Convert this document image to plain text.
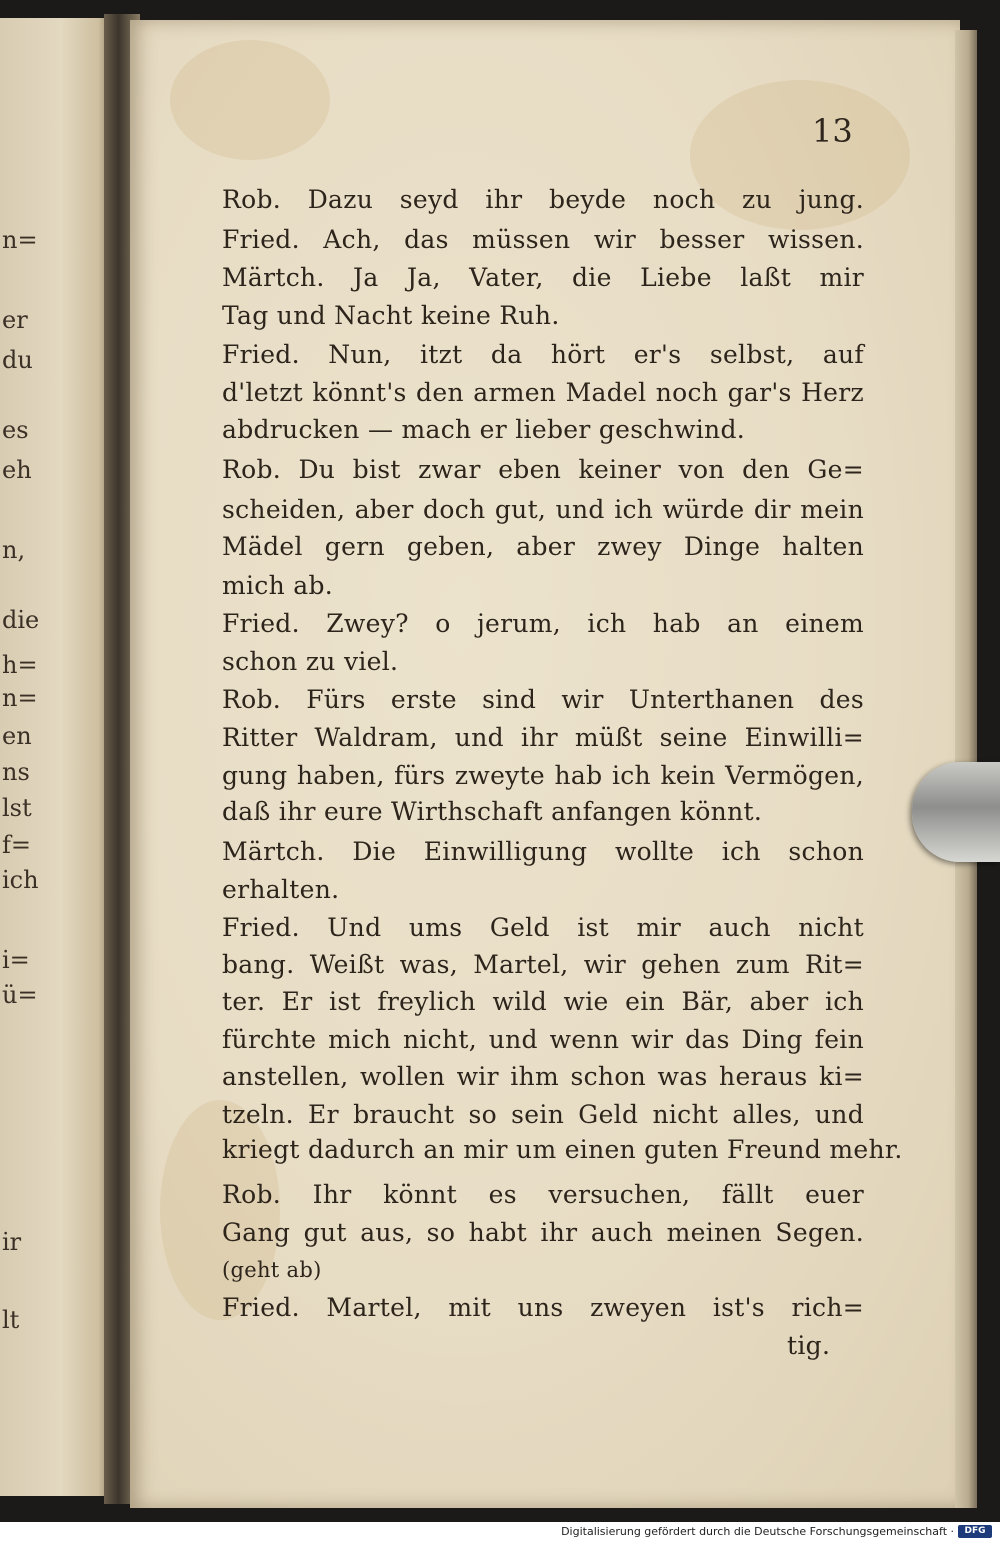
n=
er
du
es
eh
n,
die
h=
n=
en
ns
lst
f=
ich
i=
ü=
ir
lt
13
Rob. Dazu seyd ihr beyde noch zu jung.
Fried. Ach, das müssen wir besser wissen.
Märtch. Ja Ja, Vater, die Liebe laßt mir
Tag und Nacht keine Ruh.
Fried. Nun, itzt da hört er's selbst, auf
d'letzt könnt's den armen Madel noch gar's Herz
abdrucken — mach er lieber geschwind.
Rob. Du bist zwar eben keiner von den Ge=
scheiden, aber doch gut, und ich würde dir mein
Mädel gern geben, aber zwey Dinge halten
mich ab.
Fried. Zwey? o jerum, ich hab an einem
schon zu viel.
Rob. Fürs erste sind wir Unterthanen des
Ritter Waldram, und ihr müßt seine Einwilli=
gung haben, fürs zweyte hab ich kein Vermögen,
daß ihr eure Wirthschaft anfangen könnt.
Märtch. Die Einwilligung wollte ich schon
erhalten.
Fried. Und ums Geld ist mir auch nicht
bang. Weißt was, Martel, wir gehen zum Rit=
ter. Er ist freylich wild wie ein Bär, aber ich
fürchte mich nicht, und wenn wir das Ding fein
anstellen, wollen wir ihm schon was heraus ki=
tzeln. Er braucht so sein Geld nicht alles, und
kriegt dadurch an mir um einen guten Freund mehr.
Rob. Ihr könnt es versuchen, fällt euer
Gang gut aus, so habt ihr auch meinen Segen.
(geht ab)
Fried. Martel, mit uns zweyen ist's rich=
tig.
Digitalisierung gefördert durch die Deutsche Forschungsgemeinschaft ·	DFG
